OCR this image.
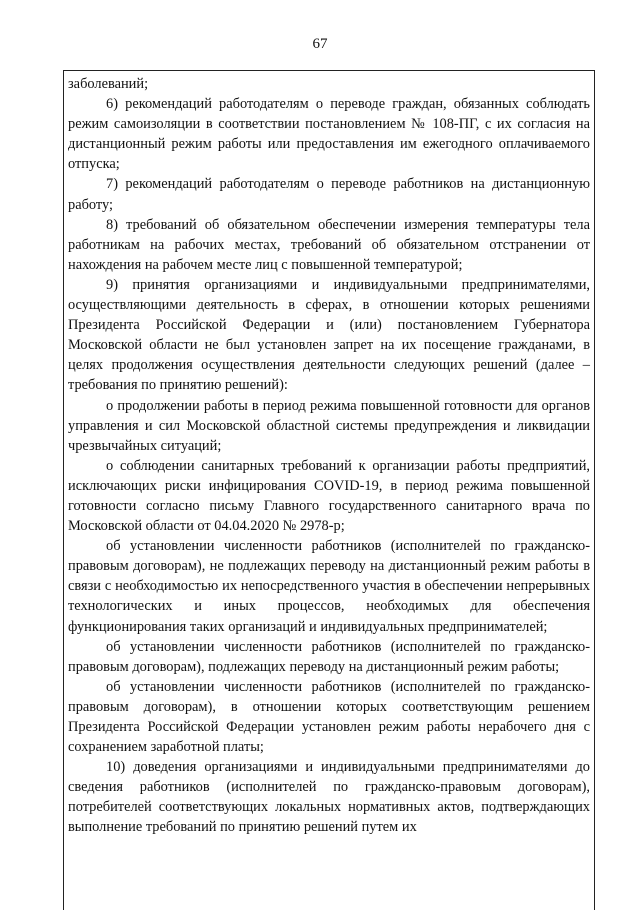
67

заболеваний;

6) рекомендаций работодателям о переводе граждан, обязанных соблюдать режим самоизоляции в соответствии постановлением № 108-ПГ, с их согласия на дистанционный режим работы или предоставления им ежегодного оплачиваемого отпуска;

7) рекомендаций работодателям о переводе работников на дистанционную работу;

8) требований об обязательном обеспечении измерения температуры тела работникам на рабочих местах, требований об обязательном отстранении от нахождения на рабочем месте лиц с повышенной температурой;

9) принятия организациями и индивидуальными предпринимателями, осуществляющими деятельность в сферах, в отношении которых решениями Президента Российской Федерации и (или) постановлением Губернатора Московской области не был установлен запрет на их посещение гражданами, в целях продолжения осуществления деятельности следующих решений (далее – требования по принятию решений):

о продолжении работы в период режима повышенной готовности для органов управления и сил Московской областной системы предупреждения и ликвидации чрезвычайных ситуаций;

о соблюдении санитарных требований к организации работы предприятий, исключающих риски инфицирования COVID-19, в период режима повышенной готовности согласно письму Главного государственного санитарного врача по Московской области от 04.04.2020 № 2978-р;

об установлении численности работников (исполнителей по гражданско-правовым договорам), не подлежащих переводу на дистанционный режим работы в связи с необходимостью их непосредственного участия в обеспечении непрерывных технологических и иных процессов, необходимых для обеспечения функционирования таких организаций и индивидуальных предпринимателей;

об установлении численности работников (исполнителей по гражданско-правовым договорам), подлежащих переводу на дистанционный режим работы;

об установлении численности работников (исполнителей по гражданско-правовым договорам), в отношении которых соответствующим решением Президента Российской Федерации установлен режим работы нерабочего дня с сохранением заработной платы;

10) доведения организациями и индивидуальными предпринимателями до сведения работников (исполнителей по гражданско-правовым договорам), потребителей соответствующих локальных нормативных актов, подтверждающих выполнение требований по принятию решений путем их
